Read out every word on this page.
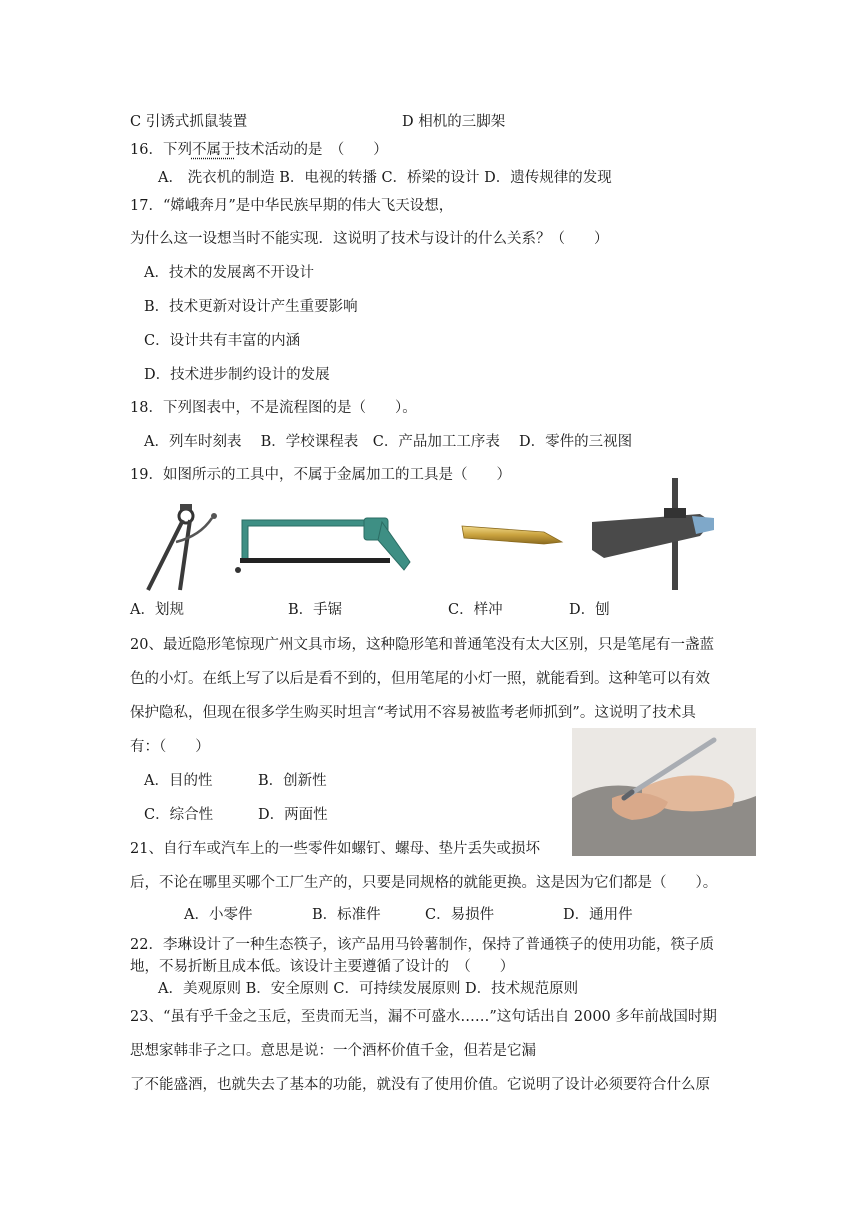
C 引诱式抓鼠装置	D 相机的三脚架
16．下列不属于技术活动的是　（　　）
A． 洗衣机的制造 B．电视的转播 C．桥梁的设计 D．遗传规律的发现
17．“嫦峨奔月”是中华民族早期的伟大飞天设想，
为什么这一设想当时不能实现．这说明了技术与设计的什么关系？（　　）
A．技术的发展离不开设计
B．技术更新对设计产生重要影响
C．设计共有丰富的内涵
D．技术进步制约设计的发展
18．下列图表中，不是流程图的是（　　）。
A．列车时刻表　 B．学校课程表　C．产品加工工序表　 D．零件的三视图
19．如图所示的工具中，不属于金属加工的工具是（　　）
A．划规	B．手锯	C．样冲	D．刨
20、最近隐形笔惊现广州文具市场，这种隐形笔和普通笔没有太大区别，只是笔尾有一盏蓝
色的小灯。在纸上写了以后是看不到的，但用笔尾的小灯一照，就能看到。这种笔可以有效
保护隐私，但现在很多学生购买时坦言“考试用不容易被监考老师抓到”。这说明了技术具
有：（　　）
A．目的性	B．创新性
C．综合性	D．两面性
21、自行车或汽车上的一些零件如螺钉、螺母、垫片丢失或损坏
后，不论在哪里买哪个工厂生产的，只要是同规格的就能更换。这是因为它们都是（　　）。
A．小零件	B．标准件	C．易损件	D．通用件
22．李琳设计了一种生态筷子，该产品用马铃薯制作，保持了普通筷子的使用功能，筷子质
地，不易折断且成本低。该设计主要遵循了设计的　（　　）
A．美观原则 B．安全原则 C．可持续发展原则 D．技术规范原则
23、“虽有乎千金之玉卮，至贵而无当，漏不可盛水……”这句话出自 2000 多年前战国时期
思想家韩非子之口。意思是说：一个酒杯价值千金，但若是它漏
了不能盛酒，也就失去了基本的功能，就没有了使用价值。它说明了设计必须要符合什么原
